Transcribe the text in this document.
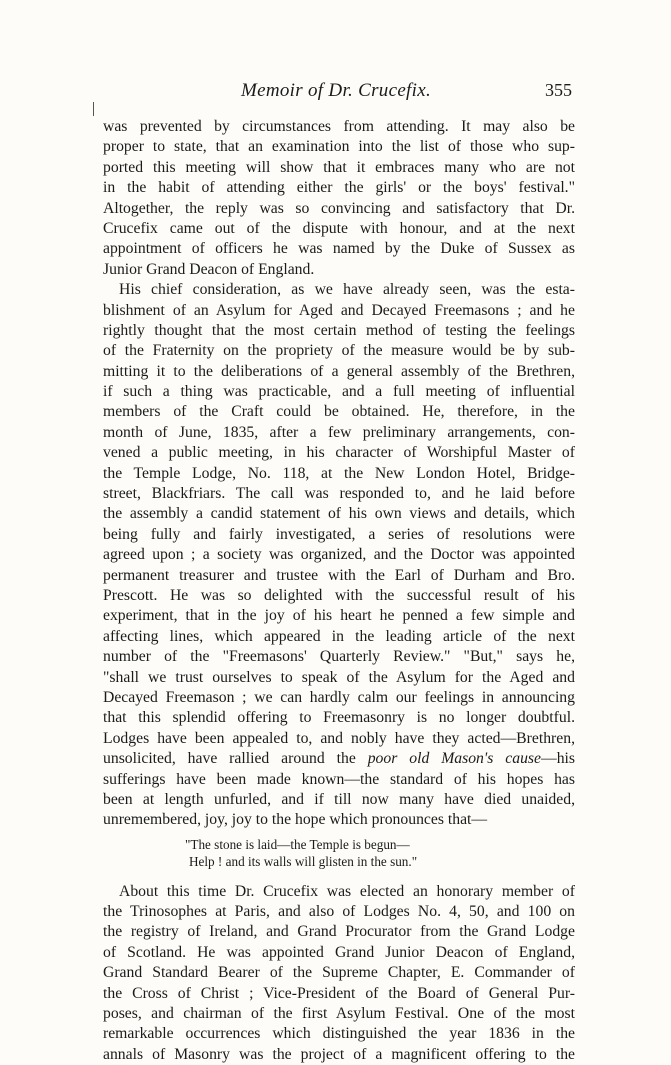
Memoir of Dr. Crucefix.	355
was prevented by circumstances from attending. It may also be
proper to state, that an examination into the list of those who sup-
ported this meeting will show that it embraces many who are not
in the habit of attending either the girls' or the boys' festival."
Altogether, the reply was so convincing and satisfactory that Dr.
Crucefix came out of the dispute with honour, and at the next
appointment of officers he was named by the Duke of Sussex as
Junior Grand Deacon of England.
His chief consideration, as we have already seen, was the esta-
blishment of an Asylum for Aged and Decayed Freemasons ; and he
rightly thought that the most certain method of testing the feelings
of the Fraternity on the propriety of the measure would be by sub-
mitting it to the deliberations of a general assembly of the Brethren,
if such a thing was practicable, and a full meeting of influential
members of the Craft could be obtained. He, therefore, in the
month of June, 1835, after a few preliminary arrangements, con-
vened a public meeting, in his character of Worshipful Master of
the Temple Lodge, No. 118, at the New London Hotel, Bridge-
street, Blackfriars. The call was responded to, and he laid before
the assembly a candid statement of his own views and details, which
being fully and fairly investigated, a series of resolutions were
agreed upon ; a society was organized, and the Doctor was appointed
permanent treasurer and trustee with the Earl of Durham and Bro.
Prescott. He was so delighted with the successful result of his
experiment, that in the joy of his heart he penned a few simple and
affecting lines, which appeared in the leading article of the next
number of the "Freemasons' Quarterly Review." "But," says he,
"shall we trust ourselves to speak of the Asylum for the Aged and
Decayed Freemason ; we can hardly calm our feelings in announcing
that this splendid offering to Freemasonry is no longer doubtful.
Lodges have been appealed to, and nobly have they acted—Brethren,
unsolicited, have rallied around the poor old Mason's cause—his
sufferings have been made known—the standard of his hopes has
been at length unfurled, and if till now many have died unaided,
unremembered, joy, joy to the hope which pronounces that—
"The stone is laid—the Temple is begun—
Help ! and its walls will glisten in the sun."
About this time Dr. Crucefix was elected an honorary member of
the Trinosophes at Paris, and also of Lodges No. 4, 50, and 100 on
the registry of Ireland, and Grand Procurator from the Grand Lodge
of Scotland. He was appointed Grand Junior Deacon of England,
Grand Standard Bearer of the Supreme Chapter, E. Commander of
the Cross of Christ ; Vice-President of the Board of General Pur-
poses, and chairman of the first Asylum Festival. One of the most
remarkable occurrences which distinguished the year 1836 in the
annals of Masonry was the project of a magnificent offering to the
